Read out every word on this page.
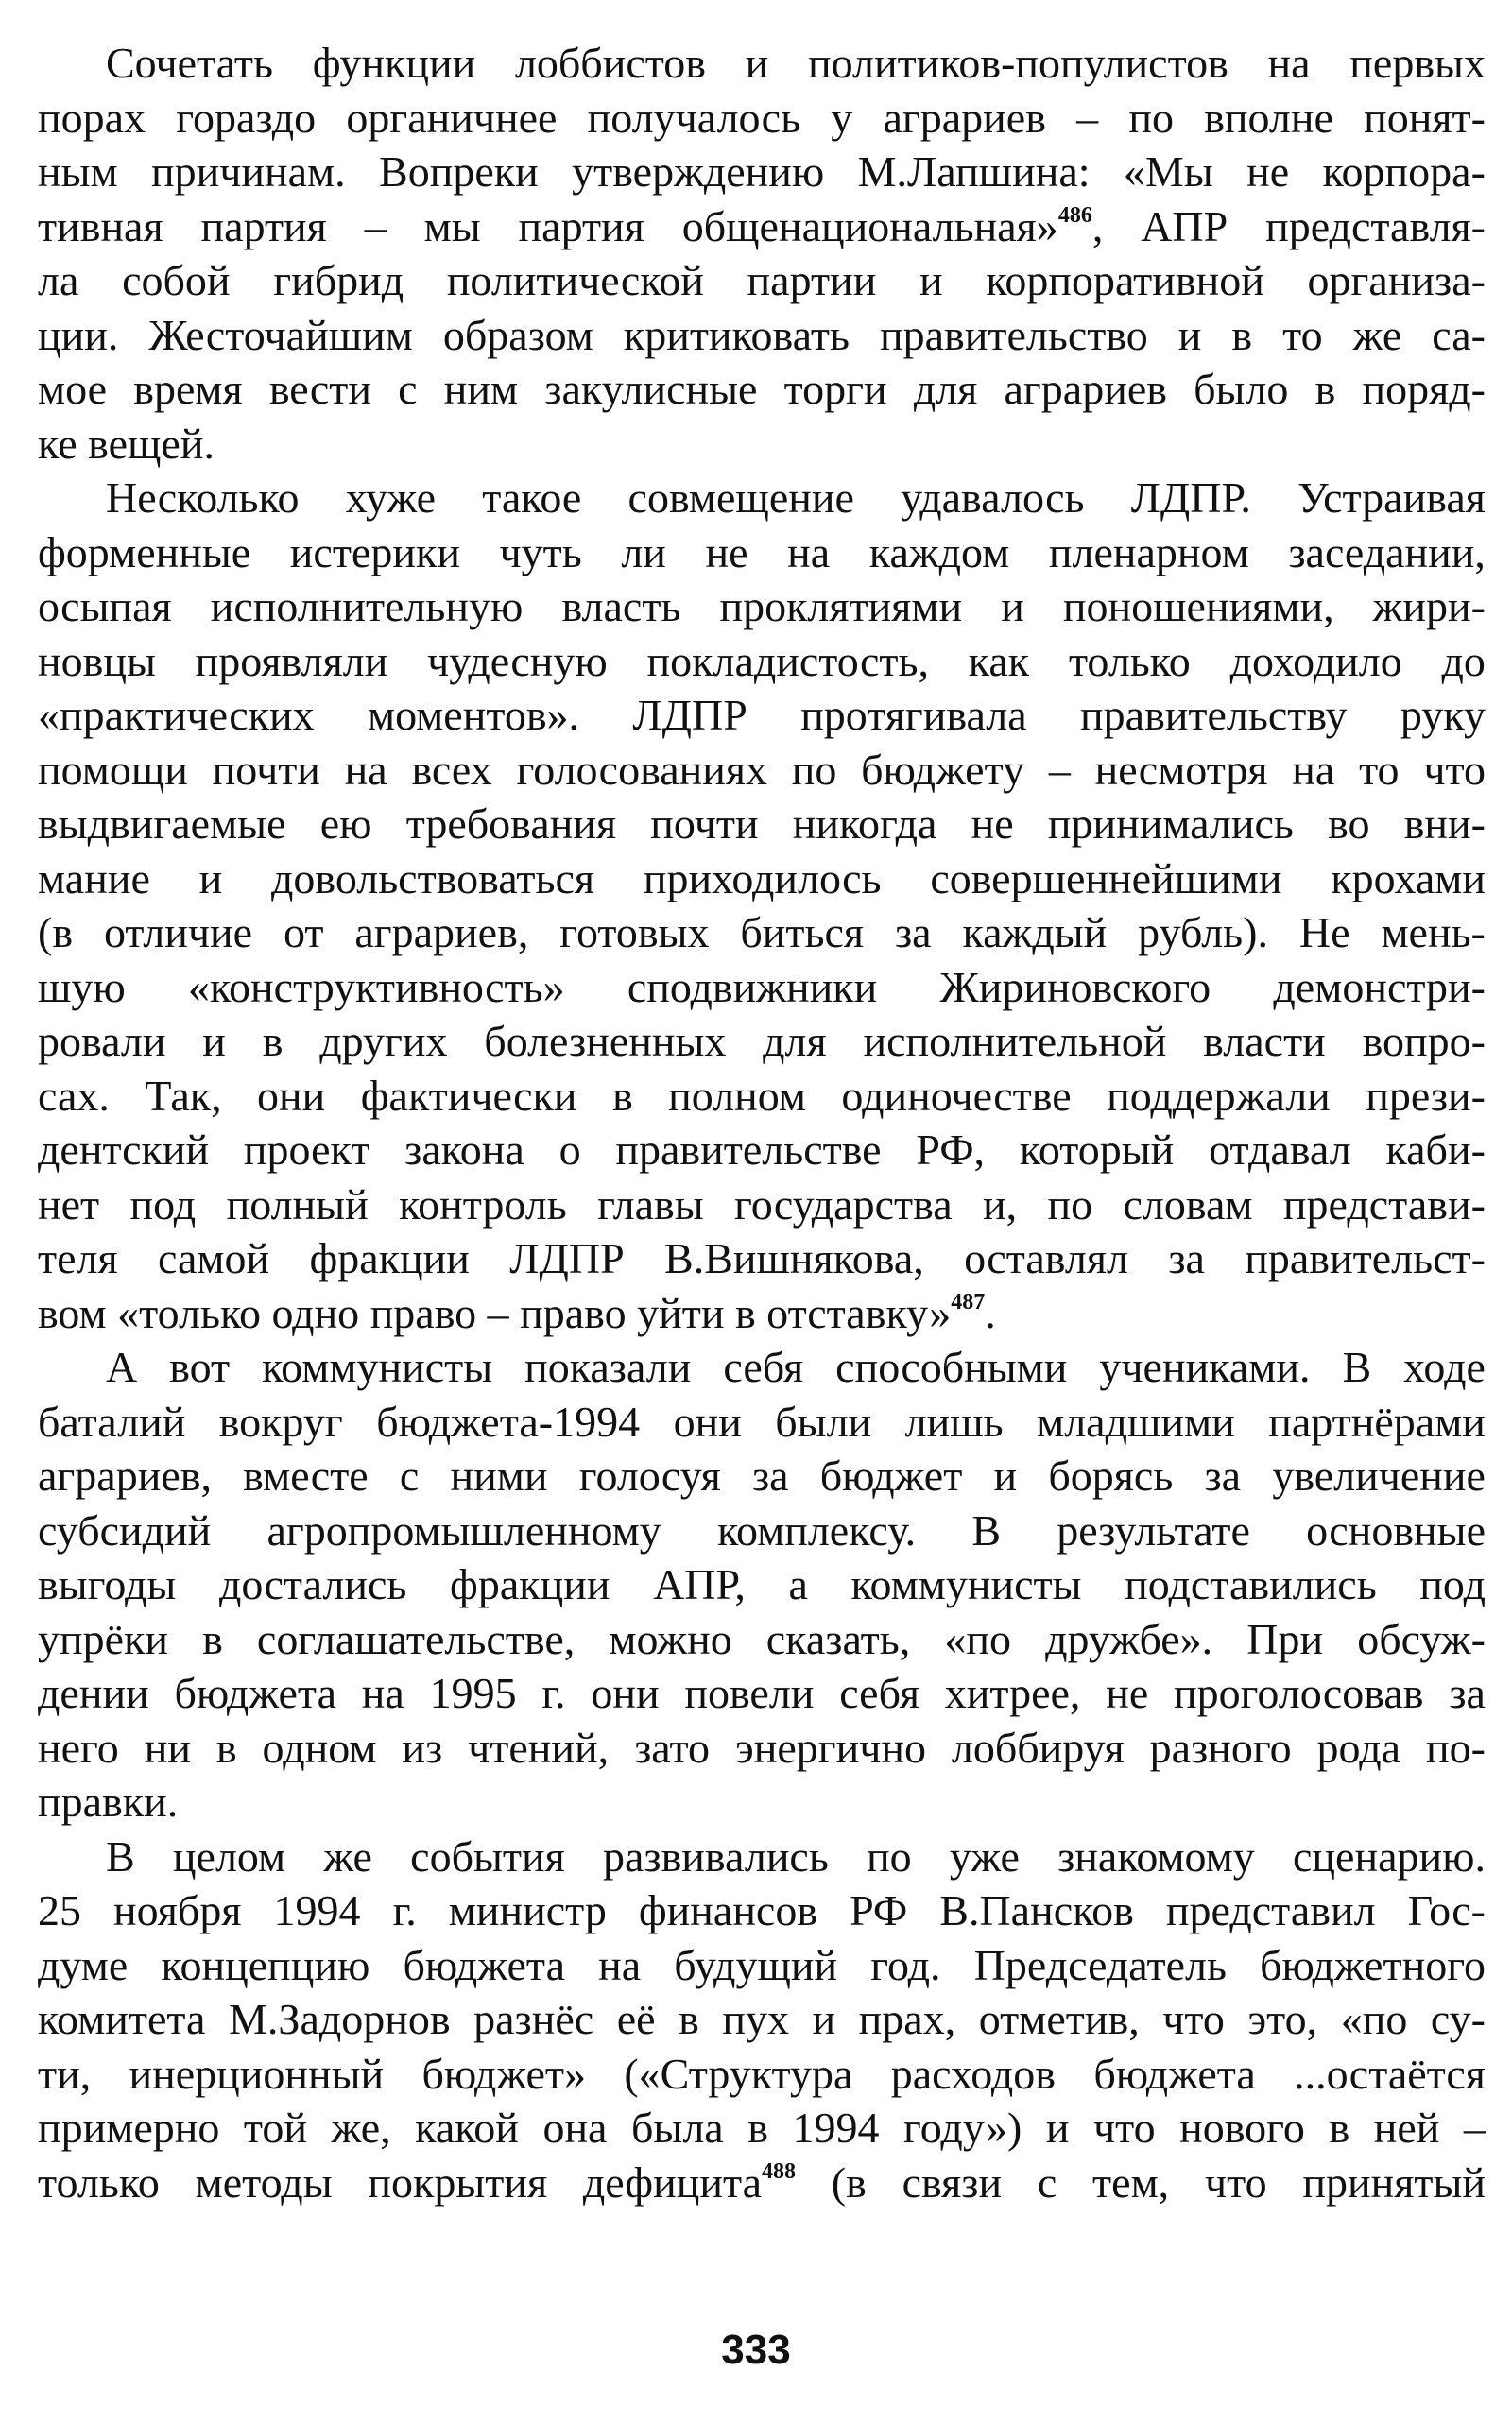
Сочетать функции лоббистов и политиков-популистов на первых
порах гораздо органичнее получалось у аграриев – по вполне понят-
ным причинам. Вопреки утверждению М.Лапшина: «Мы не корпора-
тивная партия – мы партия общенациональная»$^{486}$, АПР представля-
ла собой гибрид политической партии и корпоративной организа-
ции. Жесточайшим образом критиковать правительство и в то же са-
мое время вести с ним закулисные торги для аграриев было в поряд-
ке вещей.
Несколько хуже такое совмещение удавалось ЛДПР. Устраивая
форменные истерики чуть ли не на каждом пленарном заседании,
осыпая исполнительную власть проклятиями и поношениями, жири-
новцы проявляли чудесную покладистость, как только доходило до
«практических моментов». ЛДПР протягивала правительству руку
помощи почти на всех голосованиях по бюджету – несмотря на то что
выдвигаемые ею требования почти никогда не принимались во вни-
мание и довольствоваться приходилось совершеннейшими крохами
(в отличие от аграриев, готовых биться за каждый рубль). Не мень-
шую «конструктивность» сподвижники Жириновского демонстри-
ровали и в других болезненных для исполнительной власти вопро-
сах. Так, они фактически в полном одиночестве поддержали прези-
дентский проект закона о правительстве РФ, который отдавал каби-
нет под полный контроль главы государства и, по словам представи-
теля самой фракции ЛДПР В.Вишнякова, оставлял за правительст-
вом «только одно право – право уйти в отставку»$^{487}$.
А вот коммунисты показали себя способными учениками. В ходе
баталий вокруг бюджета-1994 они были лишь младшими партнёрами
аграриев, вместе с ними голосуя за бюджет и борясь за увеличение
субсидий агропромышленному комплексу. В результате основные
выгоды достались фракции АПР, а коммунисты подставились под
упрёки в соглашательстве, можно сказать, «по дружбе». При обсуж-
дении бюджета на 1995 г. они повели себя хитрее, не проголосовав за
него ни в одном из чтений, зато энергично лоббируя разного рода по-
правки.
В целом же события развивались по уже знакомому сценарию.
25 ноября 1994 г. министр финансов РФ В.Пансков представил Гос-
думе концепцию бюджета на будущий год. Председатель бюджетного
комитета М.Задорнов разнёс её в пух и прах, отметив, что это, «по су-
ти, инерционный бюджет» («Структура расходов бюджета ...остаётся
примерно той же, какой она была в 1994 году») и что нового в ней –
только методы покрытия дефицита$^{488}$ (в связи с тем, что принятый
333
